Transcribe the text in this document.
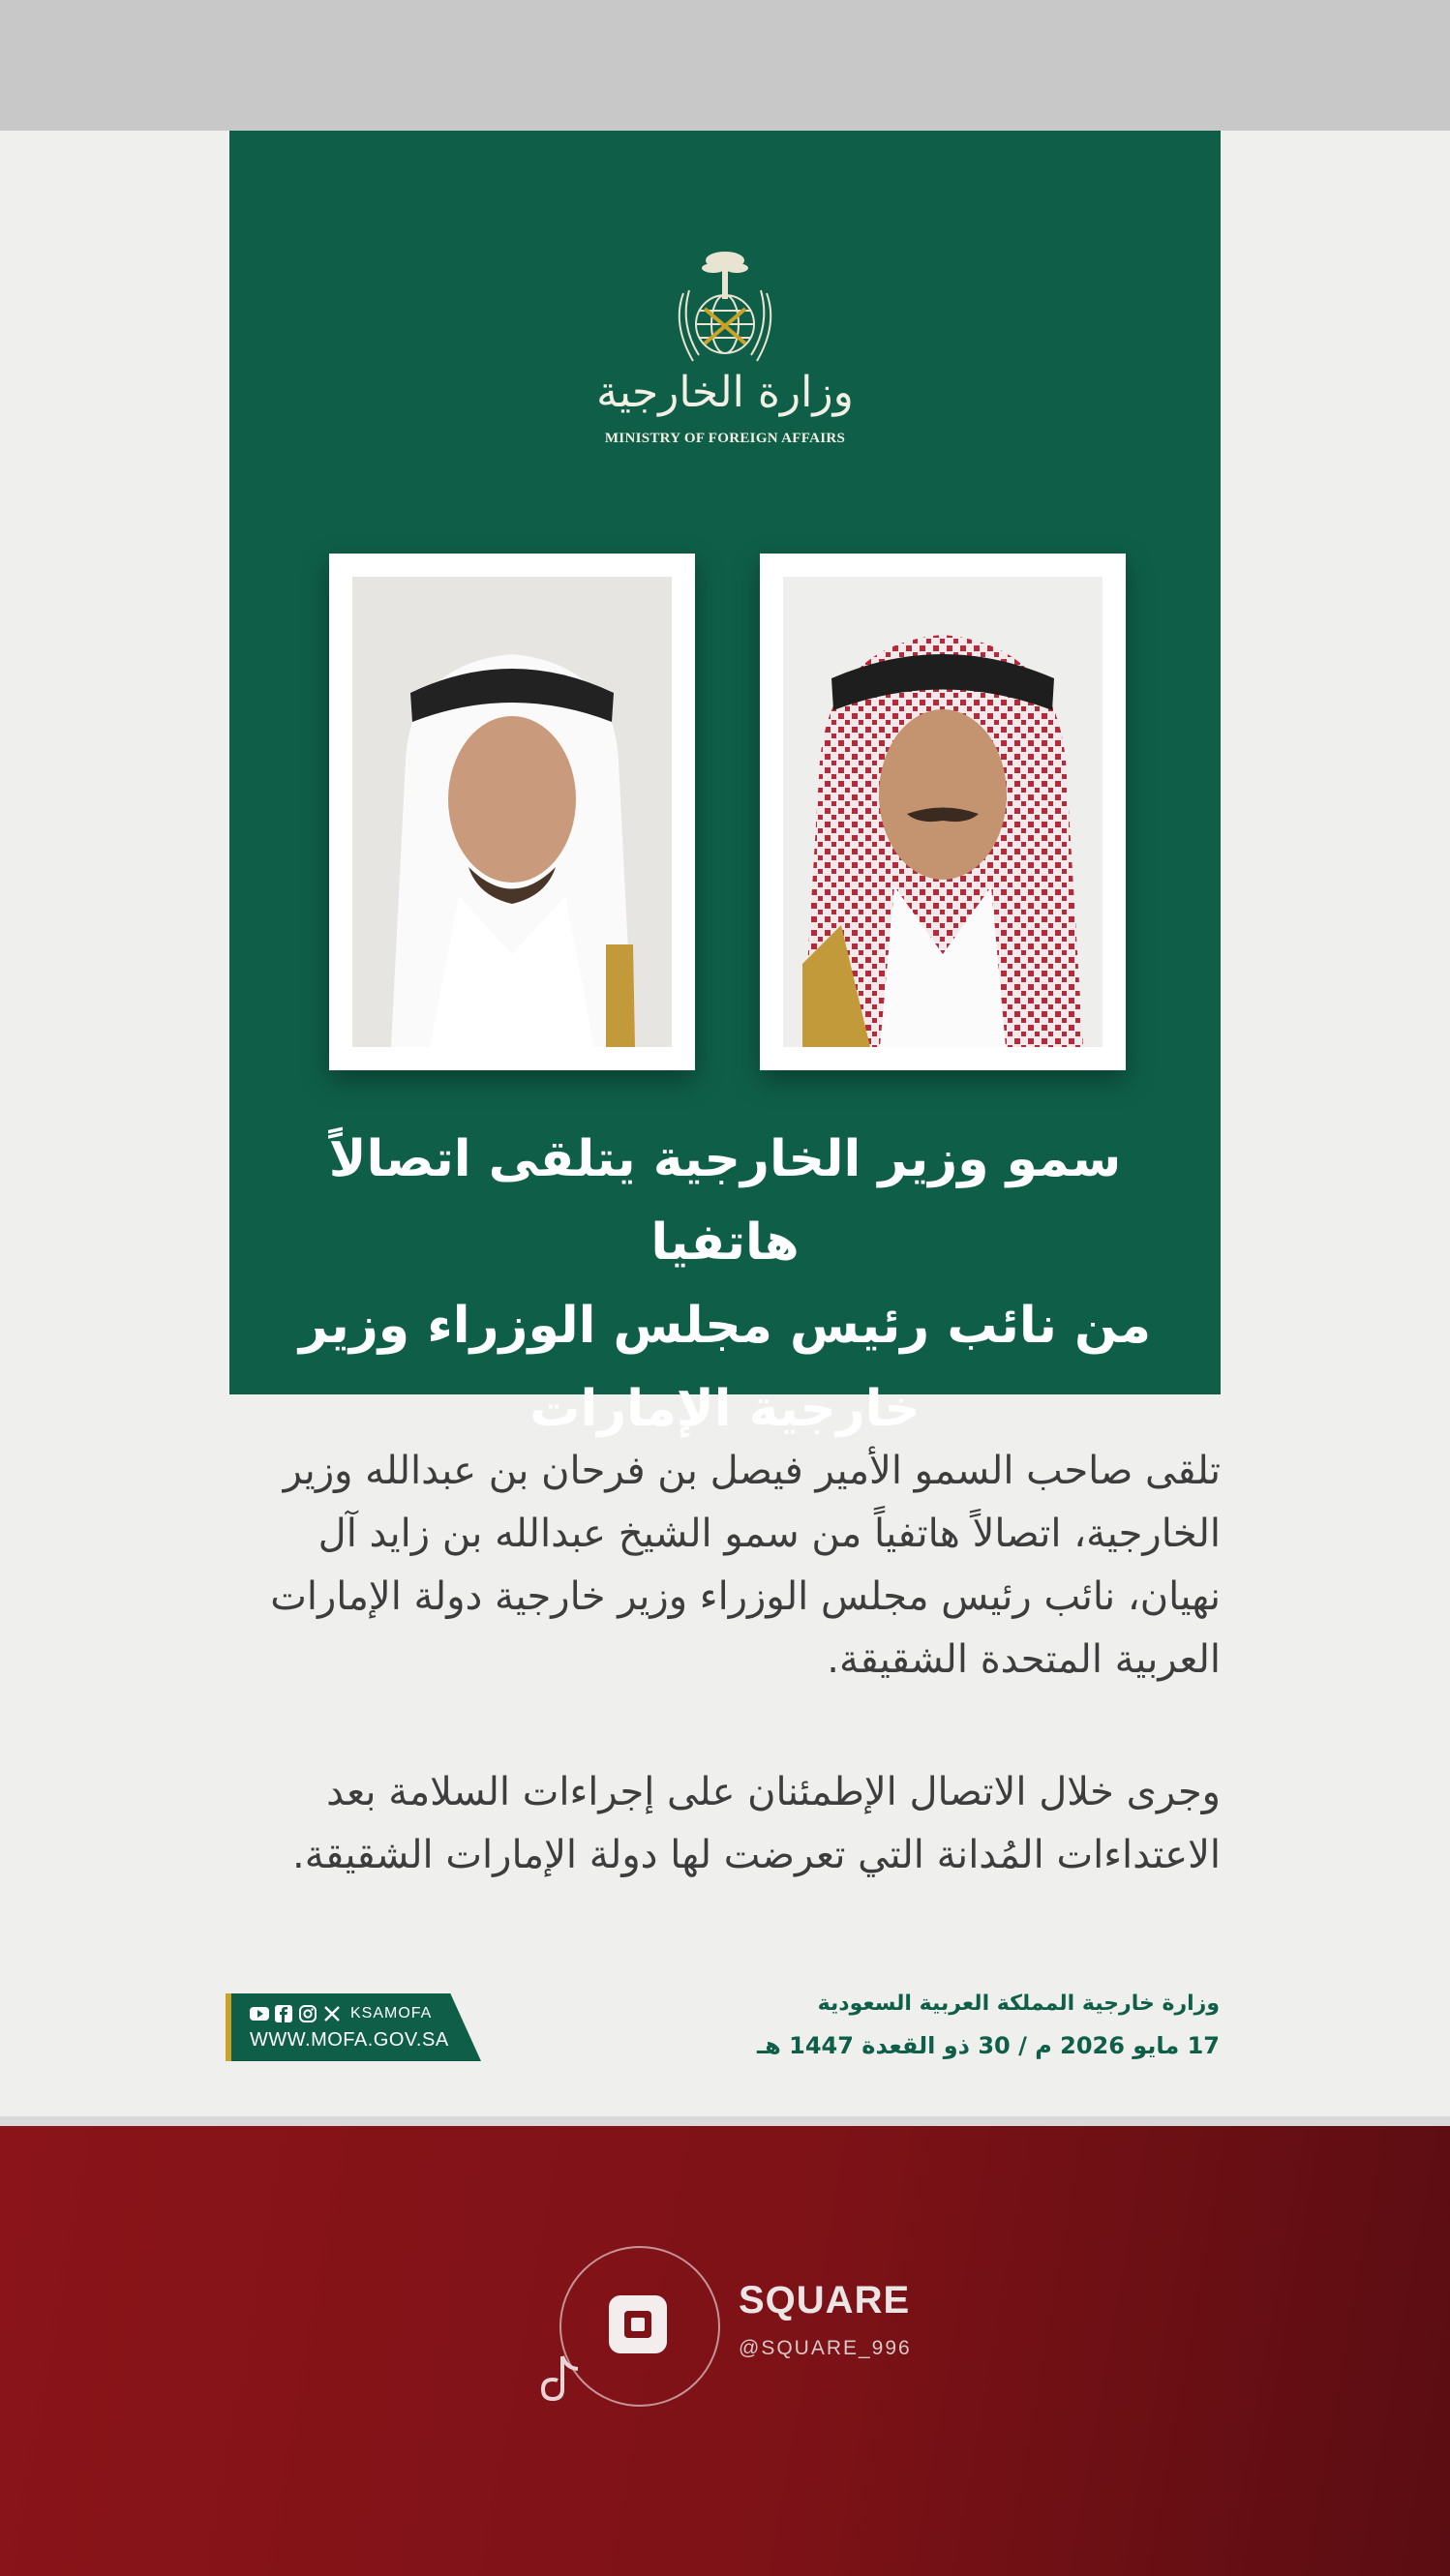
وزارة الخارجية
MINISTRY OF FOREIGN AFFAIRS
سمو وزير الخارجية يتلقى اتصالاً هاتفيا
من نائب رئيس مجلس الوزراء وزير
خارجية الإمارات
تلقى صاحب السمو الأمير فيصل بن فرحان بن عبدالله وزير الخارجية، اتصالاً هاتفياً من سمو الشيخ عبدالله بن زايد آل نهيان، نائب رئيس مجلس الوزراء وزير خارجية دولة الإمارات العربية المتحدة الشقيقة.
وجرى خلال الاتصال الإطمئنان على إجراءات السلامة بعد الاعتداءات المُدانة التي تعرضت لها دولة الإمارات الشقيقة.
وزارة خارجية المملكة العربية السعودية
17 مايو 2026 م / 30 ذو القعدة 1447 هـ
KSAMOFA
WWW.MOFA.GOV.SA
SQUARE
@SQUARE_996
